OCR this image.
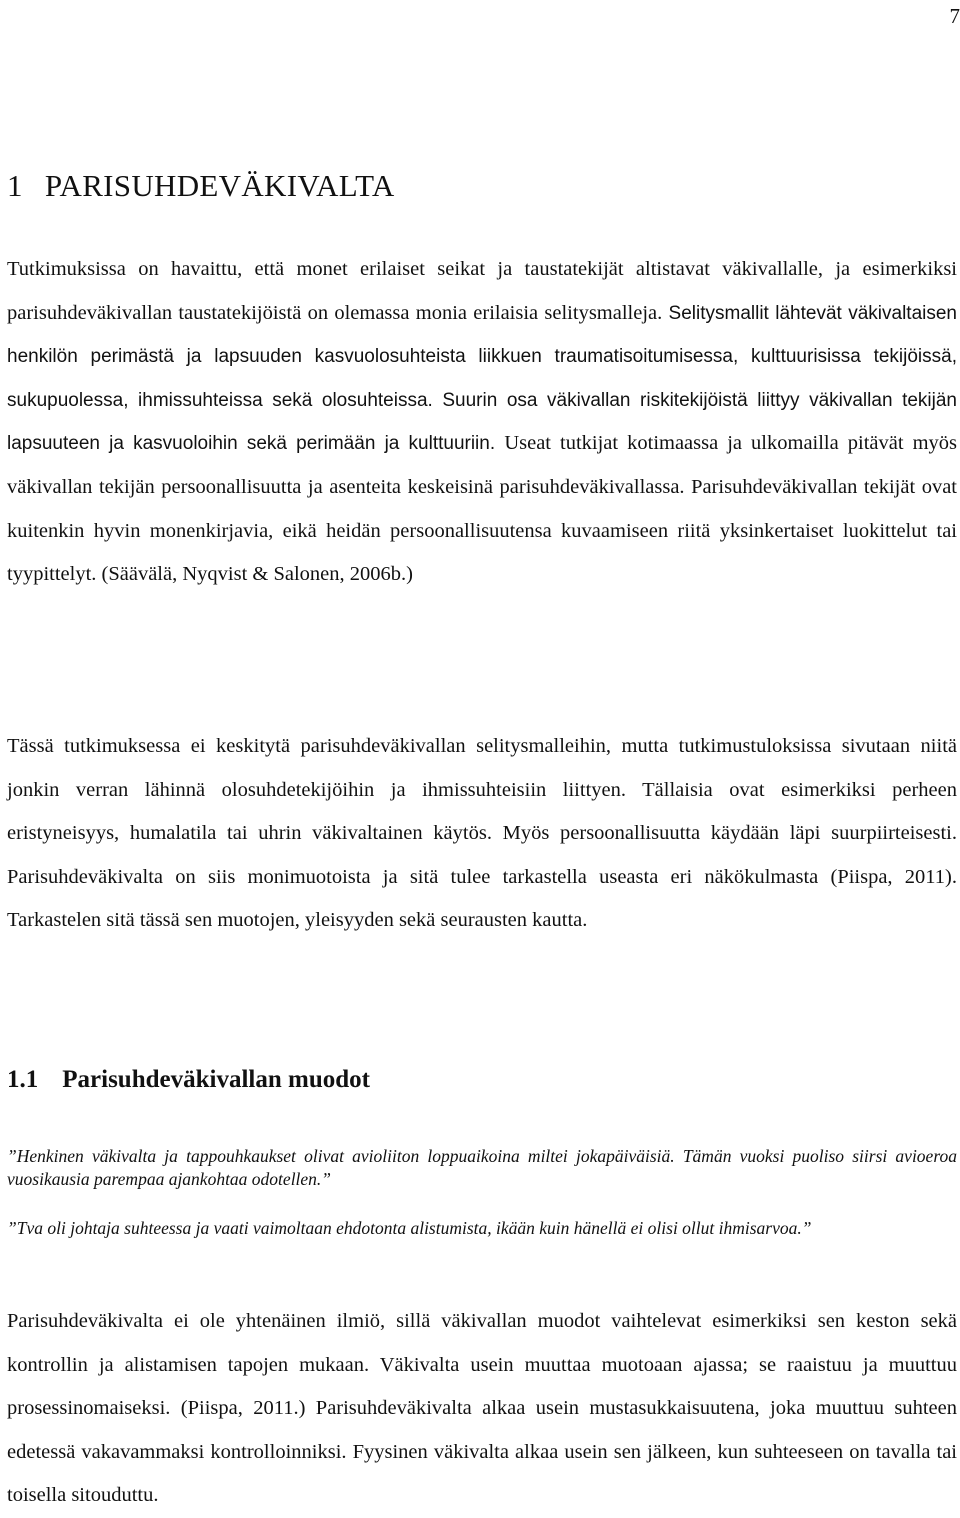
7
1 PARISUHDEVÄKIVALTA

Tutkimuksissa on havaittu, että monet erilaiset seikat ja taustatekijät altistavat väkivallalle, ja esimerkiksi parisuhdeväkivallan taustatekijöistä on olemassa monia erilaisia selitysmalleja. Selitysmallit lähtevät väkivaltaisen henkilön perimästä ja lapsuuden kasvuolosuhteista liikkuen traumatisoitumisessa, kulttuurisissa tekijöissä, sukupuolessa, ihmissuhteissa sekä olosuhteissa. Suurin osa väkivallan riskitekijöistä liittyy väkivallan tekijän lapsuuteen ja kasvuoloihin sekä perimään ja kulttuuriin. Useat tutkijat kotimaassa ja ulkomailla pitävät myös väkivallan tekijän persoonallisuutta ja asenteita keskeisinä parisuhdeväkivallassa. Parisuhdeväkivallan tekijät ovat kuitenkin hyvin monenkirjavia, eikä heidän persoonallisuutensa kuvaamiseen riitä yksinkertaiset luokittelut tai tyypittelyt. (Säävälä, Nyqvist & Salonen, 2006b.)

Tässä tutkimuksessa ei keskitytä parisuhdeväkivallan selitysmalleihin, mutta tutkimustuloksissa sivutaan niitä jonkin verran lähinnä olosuhdetekijöihin ja ihmissuhteisiin liittyen. Tällaisia ovat esimerkiksi perheen eristyneisyys, humalatila tai uhrin väkivaltainen käytös. Myös persoonallisuutta käydään läpi suurpiirteisesti. Parisuhdeväkivalta on siis monimuotoista ja sitä tulee tarkastella useasta eri näkökulmasta (Piispa, 2011). Tarkastelen sitä tässä sen muotojen, yleisyyden sekä seurausten kautta.

1.1 Parisuhdeväkivallan muodot

”Henkinen väkivalta ja tappouhkaukset olivat avioliiton loppuaikoina miltei jokapäiväisiä. Tämän vuoksi puoliso siirsi avioeroa vuosikausia parempaa ajankohtaa odotellen.”

”Tva oli johtaja suhteessa ja vaati vaimoltaan ehdotonta alistumista, ikään kuin hänellä ei olisi ollut ihmisarvoa.”

Parisuhdeväkivalta ei ole yhtenäinen ilmiö, sillä väkivallan muodot vaihtelevat esimerkiksi sen keston sekä kontrollin ja alistamisen tapojen mukaan. Väkivalta usein muuttaa muotoaan ajassa; se raaistuu ja muuttuu prosessinomaiseksi. (Piispa, 2011.) Parisuhdeväkivalta alkaa usein mustasukkaisuutena, joka muuttuu suhteen edetessä vakavammaksi kontrolloinniksi. Fyysinen väkivalta alkaa usein sen jälkeen, kun suhteeseen on tavalla tai toisella sitouduttu.
